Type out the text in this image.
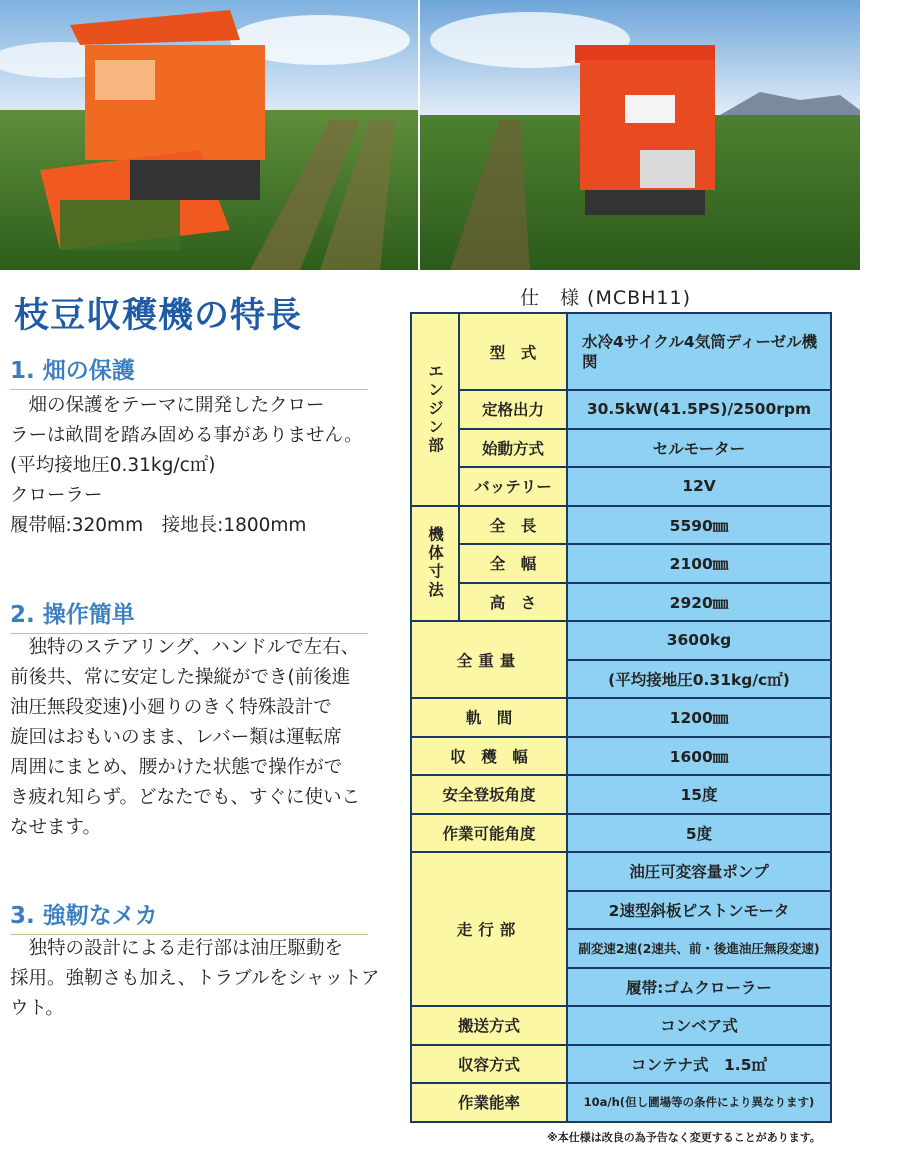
枝豆収穫機の特長
1. 畑の保護

　畑の保護をテーマに開発したクロー

ラーは畝間を踏み固める事がありません。

(平均接地圧0.31kg/c㎡)

クローラー

履帯幅:320mm　接地長:1800mm

2. 操作簡単

　独特のステアリング、ハンドルで左右、

前後共、常に安定した操縦ができ(前後進

油圧無段変速)小廻りのきく特殊設計で

旋回はおもいのまま、レバー類は運転席

周囲にまとめ、腰かけた状態で操作がで

き疲れ知らず。どなたでも、すぐに使いこ

なせます。

3. 強靭なメカ

　独特の設計による走行部は油圧駆動を

採用。強靭さも加え、トラブルをシャットア

ウト。

仕　様 (MCBH11)
エンジン部	型　式	水冷4サイクル4気筒ディーゼル機関
	定格出力	30.5kW(41.5PS)/2500rpm
	始動方式	セルモーター
	バッテリー	12V
機体寸法	全　長	5590㎜
	全　幅	2100㎜
	高　さ	2920㎜
全重量		3600kg
		(平均接地圧0.31kg/c㎡)
軌　間		1200㎜
収　穫　幅		1600㎜
安全登坂角度		15度
作業可能角度		5度
走行部		油圧可変容量ポンプ
		2速型斜板ピストンモータ
		副変速2速(2速共、前・後進油圧無段変速)
		履帯:ゴムクローラー
搬送方式		コンベア式
収容方式		コンテナ式　1.5㎥
作業能率		10a/h(但し圃場等の条件により異なります)
※本仕様は改良の為予告なく変更することがあります。
